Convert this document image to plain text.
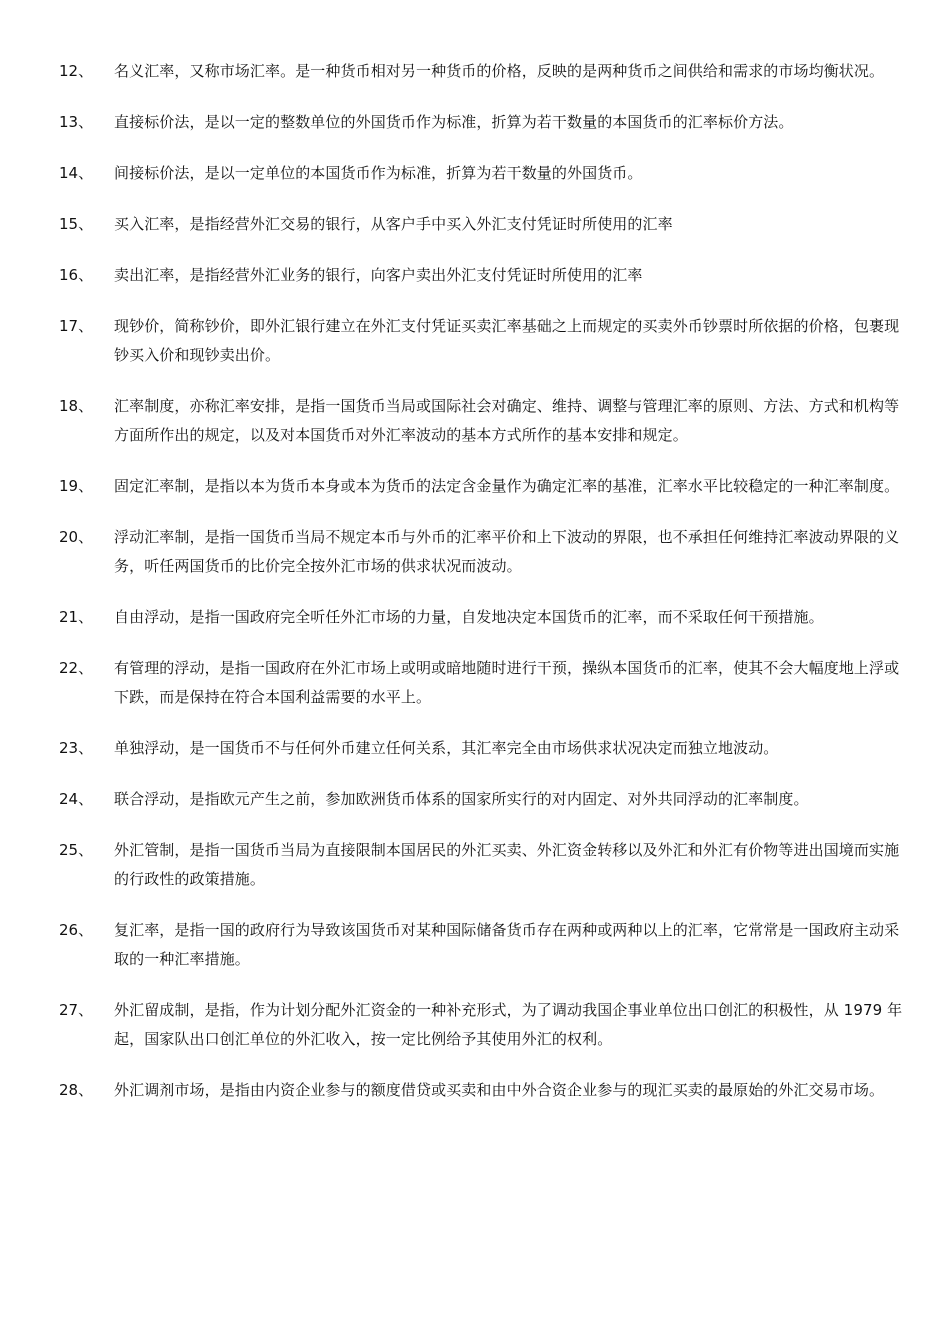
12、	名义汇率，又称市场汇率。是一种货币相对另一种货币的价格，反映的是两种货币之间供给和需求的市场均衡状况。
13、	直接标价法，是以一定的整数单位的外国货币作为标准，折算为若干数量的本国货币的汇率标价方法。
14、	间接标价法，是以一定单位的本国货币作为标准，折算为若干数量的外国货币。
15、	买入汇率，是指经营外汇交易的银行，从客户手中买入外汇支付凭证时所使用的汇率
16、	卖出汇率，是指经营外汇业务的银行，向客户卖出外汇支付凭证时所使用的汇率
17、	现钞价，简称钞价，即外汇银行建立在外汇支付凭证买卖汇率基础之上而规定的买卖外币钞票时所依据的价格，包裹现钞买入价和现钞卖出价。
18、	汇率制度，亦称汇率安排，是指一国货币当局或国际社会对确定、维持、调整与管理汇率的原则、方法、方式和机构等方面所作出的规定，以及对本国货币对外汇率波动的基本方式所作的基本安排和规定。
19、	固定汇率制，是指以本为货币本身或本为货币的法定含金量作为确定汇率的基准，汇率水平比较稳定的一种汇率制度。
20、	浮动汇率制，是指一国货币当局不规定本币与外币的汇率平价和上下波动的界限，也不承担任何维持汇率波动界限的义务，听任两国货币的比价完全按外汇市场的供求状况而波动。
21、	自由浮动，是指一国政府完全听任外汇市场的力量，自发地决定本国货币的汇率，而不采取任何干预措施。
22、	有管理的浮动，是指一国政府在外汇市场上或明或暗地随时进行干预，操纵本国货币的汇率，使其不会大幅度地上浮或下跌，而是保持在符合本国利益需要的水平上。
23、	单独浮动，是一国货币不与任何外币建立任何关系，其汇率完全由市场供求状况决定而独立地波动。
24、	联合浮动，是指欧元产生之前，参加欧洲货币体系的国家所实行的对内固定、对外共同浮动的汇率制度。
25、	外汇管制，是指一国货币当局为直接限制本国居民的外汇买卖、外汇资金转移以及外汇和外汇有价物等进出国境而实施的行政性的政策措施。
26、	复汇率，是指一国的政府行为导致该国货币对某种国际储备货币存在两种或两种以上的汇率，它常常是一国政府主动采取的一种汇率措施。
27、	外汇留成制，是指，作为计划分配外汇资金的一种补充形式，为了调动我国企事业单位出口创汇的积极性，从 1979 年起，国家队出口创汇单位的外汇收入，按一定比例给予其使用外汇的权利。
28、	外汇调剂市场，是指由内资企业参与的额度借贷或买卖和由中外合资企业参与的现汇买卖的最原始的外汇交易市场。
